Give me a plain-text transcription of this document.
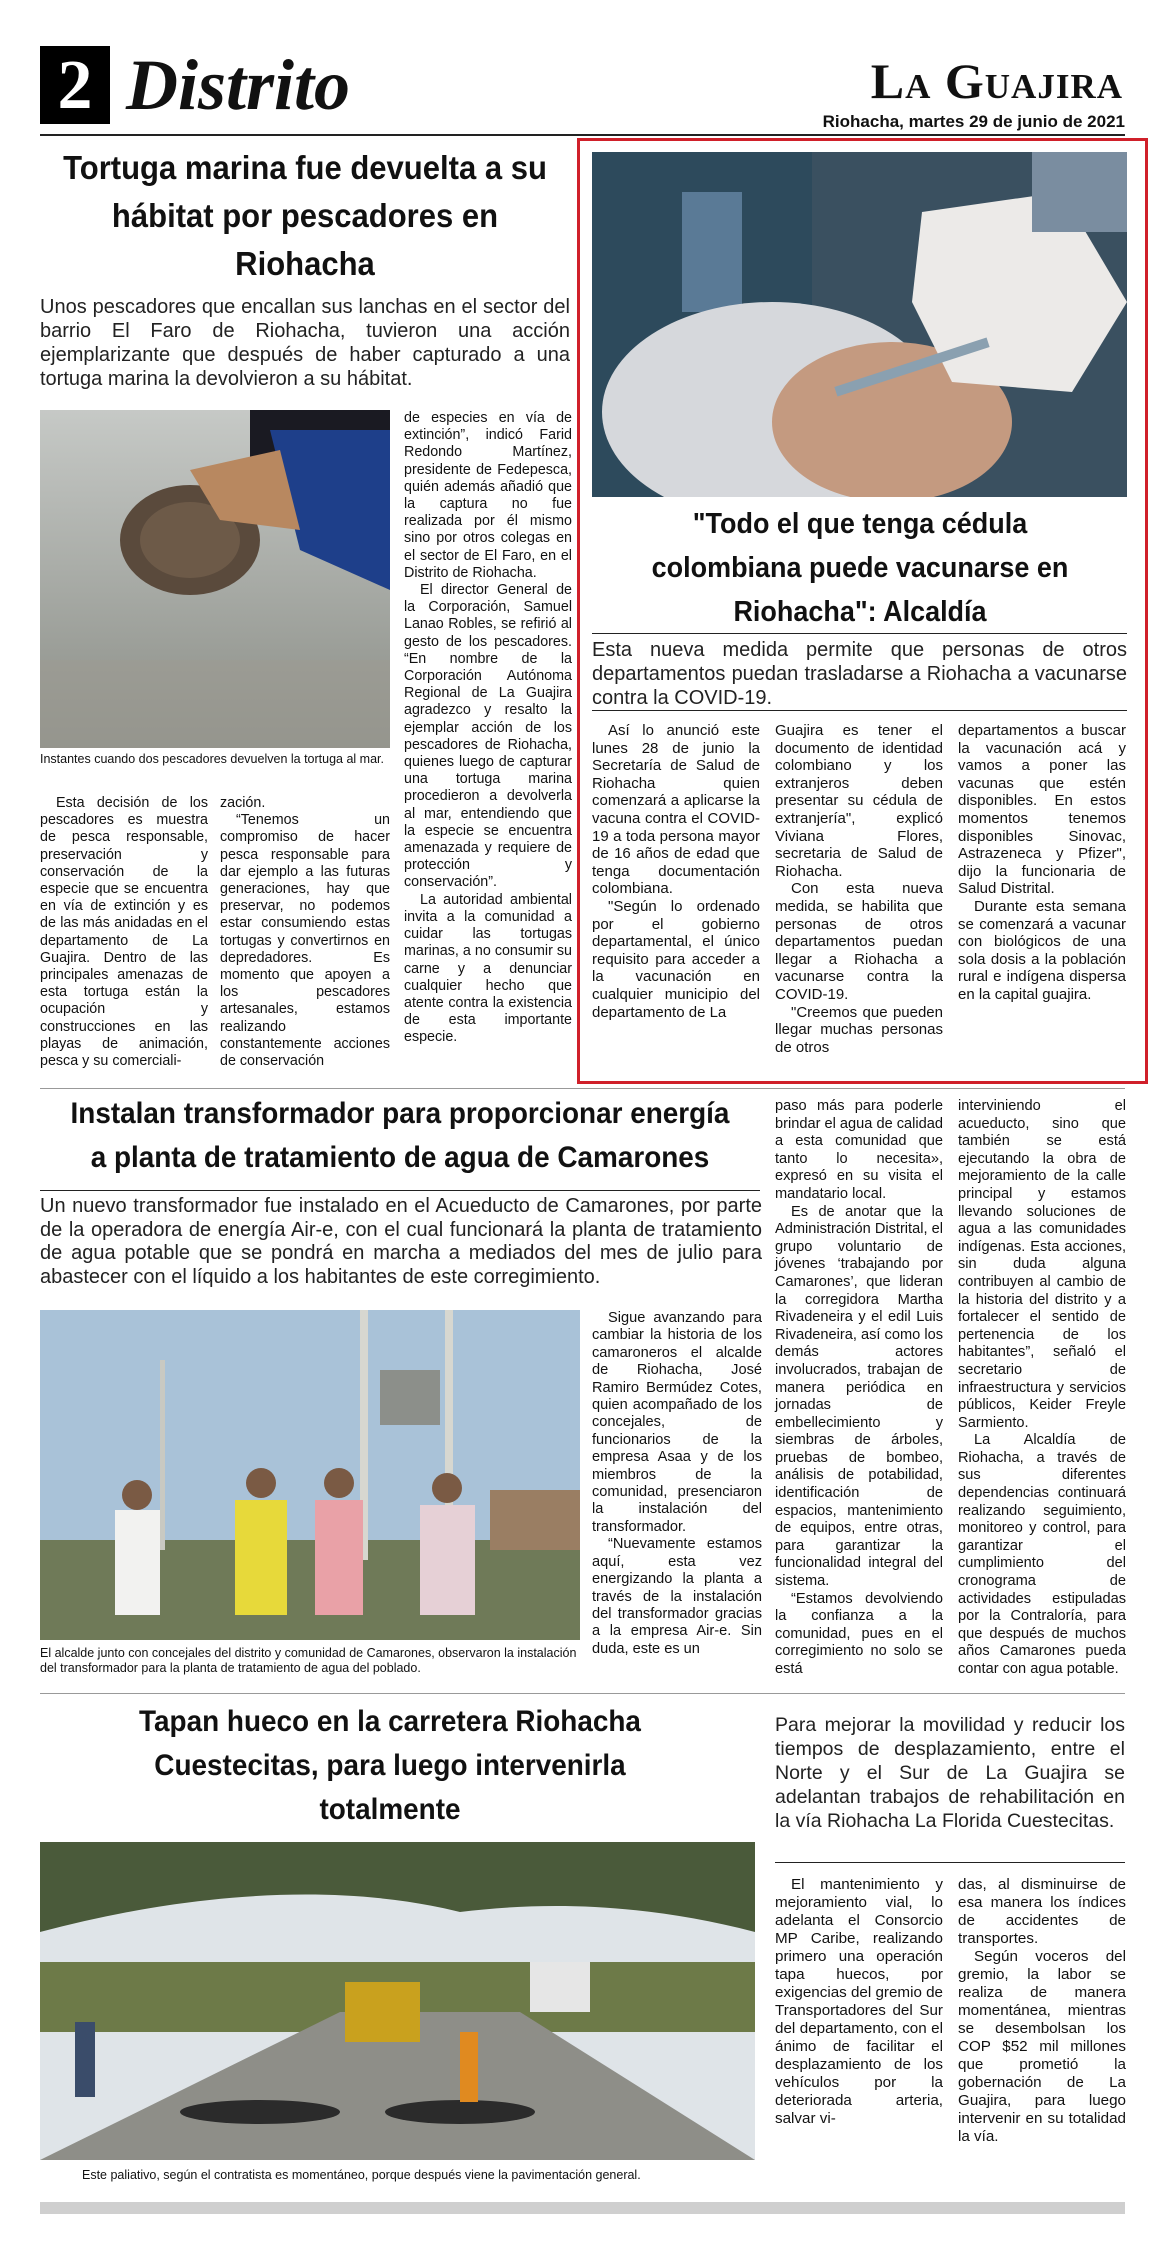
2 Distrito	La Guajira
Riohacha, martes 29 de junio de 2021
Tortuga marina fue devuelta a su hábitat por pescadores en Riohacha
Unos pescadores que encallan sus lanchas en el sector del barrio El Faro de Riohacha, tuvieron una acción ejemplarizante que después de haber capturado a una tortuga marina la devolvieron a su hábitat.
Instantes cuando dos pescadores devuelven la tortuga al mar.

de especies en vía de extinción”, indicó Farid Redondo Martínez, presidente de Fedepesca, quién además añadió que la captura no fue realizada por él mismo sino por otros colegas en el sector de El Faro, en el Distrito de Riohacha.

El director General de la Corporación, Samuel Lanao Robles, se refirió al gesto de los pescadores. “En nombre de la Corporación Autónoma Regional de La Guajira agradezco y resalto la ejemplar acción de los pescadores de Riohacha, quienes luego de capturar una tortuga marina procedieron a devolverla al mar, entendiendo que la especie se encuentra amenazada y requiere de protección y conservación”.

La autoridad ambiental invita a la comunidad a cuidar las tortugas marinas, a no consumir su carne y a denunciar cualquier hecho que atente contra la existencia de esta importante especie.

Esta decisión de los pescadores es muestra de pesca responsable, preservación y conservación de la especie que se encuentra en vía de extinción y es de las más anidadas en el departamento de La Guajira. Dentro de las principales amenazas de esta tortuga están la ocupación y construcciones en las playas de animación, pesca y su comerciali-

zación.

“Tenemos un compromiso de hacer pesca responsable para dar ejemplo a las futuras generaciones, hay que preservar, no podemos estar consumiendo estas tortugas y convertirnos en depredadores. Es momento que apoyen a los pescadores artesanales, estamos realizando constantemente acciones de conservación

"Todo el que tenga cédula colombiana puede vacunarse en Riohacha": Alcaldía
Esta nueva medida permite que personas de otros departamentos puedan trasladarse a Riohacha a vacunarse contra la COVID-19.

Así lo anunció este lunes 28 de junio la Secretaría de Salud de Riohacha quien comenzará a aplicarse la vacuna contra el COVID-19 a toda persona mayor de 16 años de edad que tenga documentación colombiana.

"Según lo ordenado por el gobierno departamental, el único requisito para acceder a la vacunación en cualquier municipio del departamento de La

Guajira es tener el documento de identidad colombiano y los extranjeros deben presentar su cédula de extranjería", explicó Viviana Flores, secretaria de Salud de Riohacha.

Con esta nueva medida, se habilita que personas de otros departamentos puedan llegar a Riohacha a vacunarse contra la COVID-19.

"Creemos que pueden llegar muchas personas de otros

departamentos a buscar la vacunación acá y vamos a poner las vacunas que estén disponibles. En estos momentos tenemos disponibles Sinovac, Astrazeneca y Pfizer", dijo la funcionaria de Salud Distrital.

Durante esta semana se comenzará a vacunar con biológicos de una sola dosis a la población rural e indígena dispersa en la capital guajira.

Instalan transformador para proporcionar energía a planta de tratamiento de agua de Camarones
Un nuevo transformador fue instalado en el Acueducto de Camarones, por parte de la operadora de energía Air-e, con el cual funcionará la planta de tratamiento de agua potable que se pondrá en marcha a mediados del mes de julio para abastecer con el líquido a los habitantes de este corregimiento.
El alcalde junto con concejales del distrito y comunidad de Camarones, observaron la instalación del transformador para la planta de tratamiento de agua del poblado.

Sigue avanzando para cambiar la historia de los camaroneros el alcalde de Riohacha, José Ramiro Bermúdez Cotes, quien acompañado de los concejales, de funcionarios de la empresa Asaa y de los miembros de la comunidad, presenciaron la instalación del transformador.

“Nuevamente estamos aquí, esta vez energizando la planta a través de la instalación del transformador gracias a la empresa Air-e. Sin duda, este es un

paso más para poderle brindar el agua de calidad a esta comunidad que tanto lo necesita», expresó en su visita el mandatario local.

Es de anotar que la Administración Distrital, el grupo voluntario de jóvenes ‘trabajando por Camarones’, que lideran la corregidora Martha Rivadeneira y el edil Luis Rivadeneira, así como los demás actores involucrados, trabajan de manera periódica en jornadas de embellecimiento y siembras de árboles, pruebas de bombeo, análisis de potabilidad, identificación de espacios, mantenimiento de equipos, entre otras, para garantizar la funcionalidad integral del sistema.

“Estamos devolviendo la confianza a la comunidad, pues en el corregimiento no solo se está

interviniendo el acueducto, sino que también se está ejecutando la obra de mejoramiento de la calle principal y estamos llevando soluciones de agua a las comunidades indígenas. Esta acciones, sin duda alguna contribuyen al cambio de la historia del distrito y a fortalecer el sentido de pertenencia de los habitantes”, señaló el secretario de infraestructura y servicios públicos, Keider Freyle Sarmiento.

La Alcaldía de Riohacha, a través de sus diferentes dependencias continuará realizando seguimiento, monitoreo y control, para garantizar el cumplimiento del cronograma de actividades estipuladas por la Contraloría, para que después de muchos años Camarones pueda contar con agua potable.

Tapan hueco en la carretera Riohacha Cuestecitas, para luego intervenirla totalmente
Para mejorar la movilidad y reducir los tiempos de desplazamiento, entre el Norte y el Sur de La Guajira se adelantan trabajos de rehabilitación en la vía Riohacha La Florida Cuestecitas.
Este paliativo, según el contratista es momentáneo, porque después viene la pavimentación general.

El mantenimiento y mejoramiento vial, lo adelanta el Consorcio MP Caribe, realizando primero una operación tapa huecos, por exigencias del gremio de Transportadores del Sur del departamento, con el ánimo de facilitar el desplazamiento de los vehículos por la deteriorada arteria, salvar vi-

das, al disminuirse de esa manera los índices de accidentes de transportes.

Según voceros del gremio, la labor se realiza de manera momentánea, mientras se desembolsan los COP $52 mil millones que prometió la gobernación de La Guajira, para luego intervenir en su totalidad la vía.
